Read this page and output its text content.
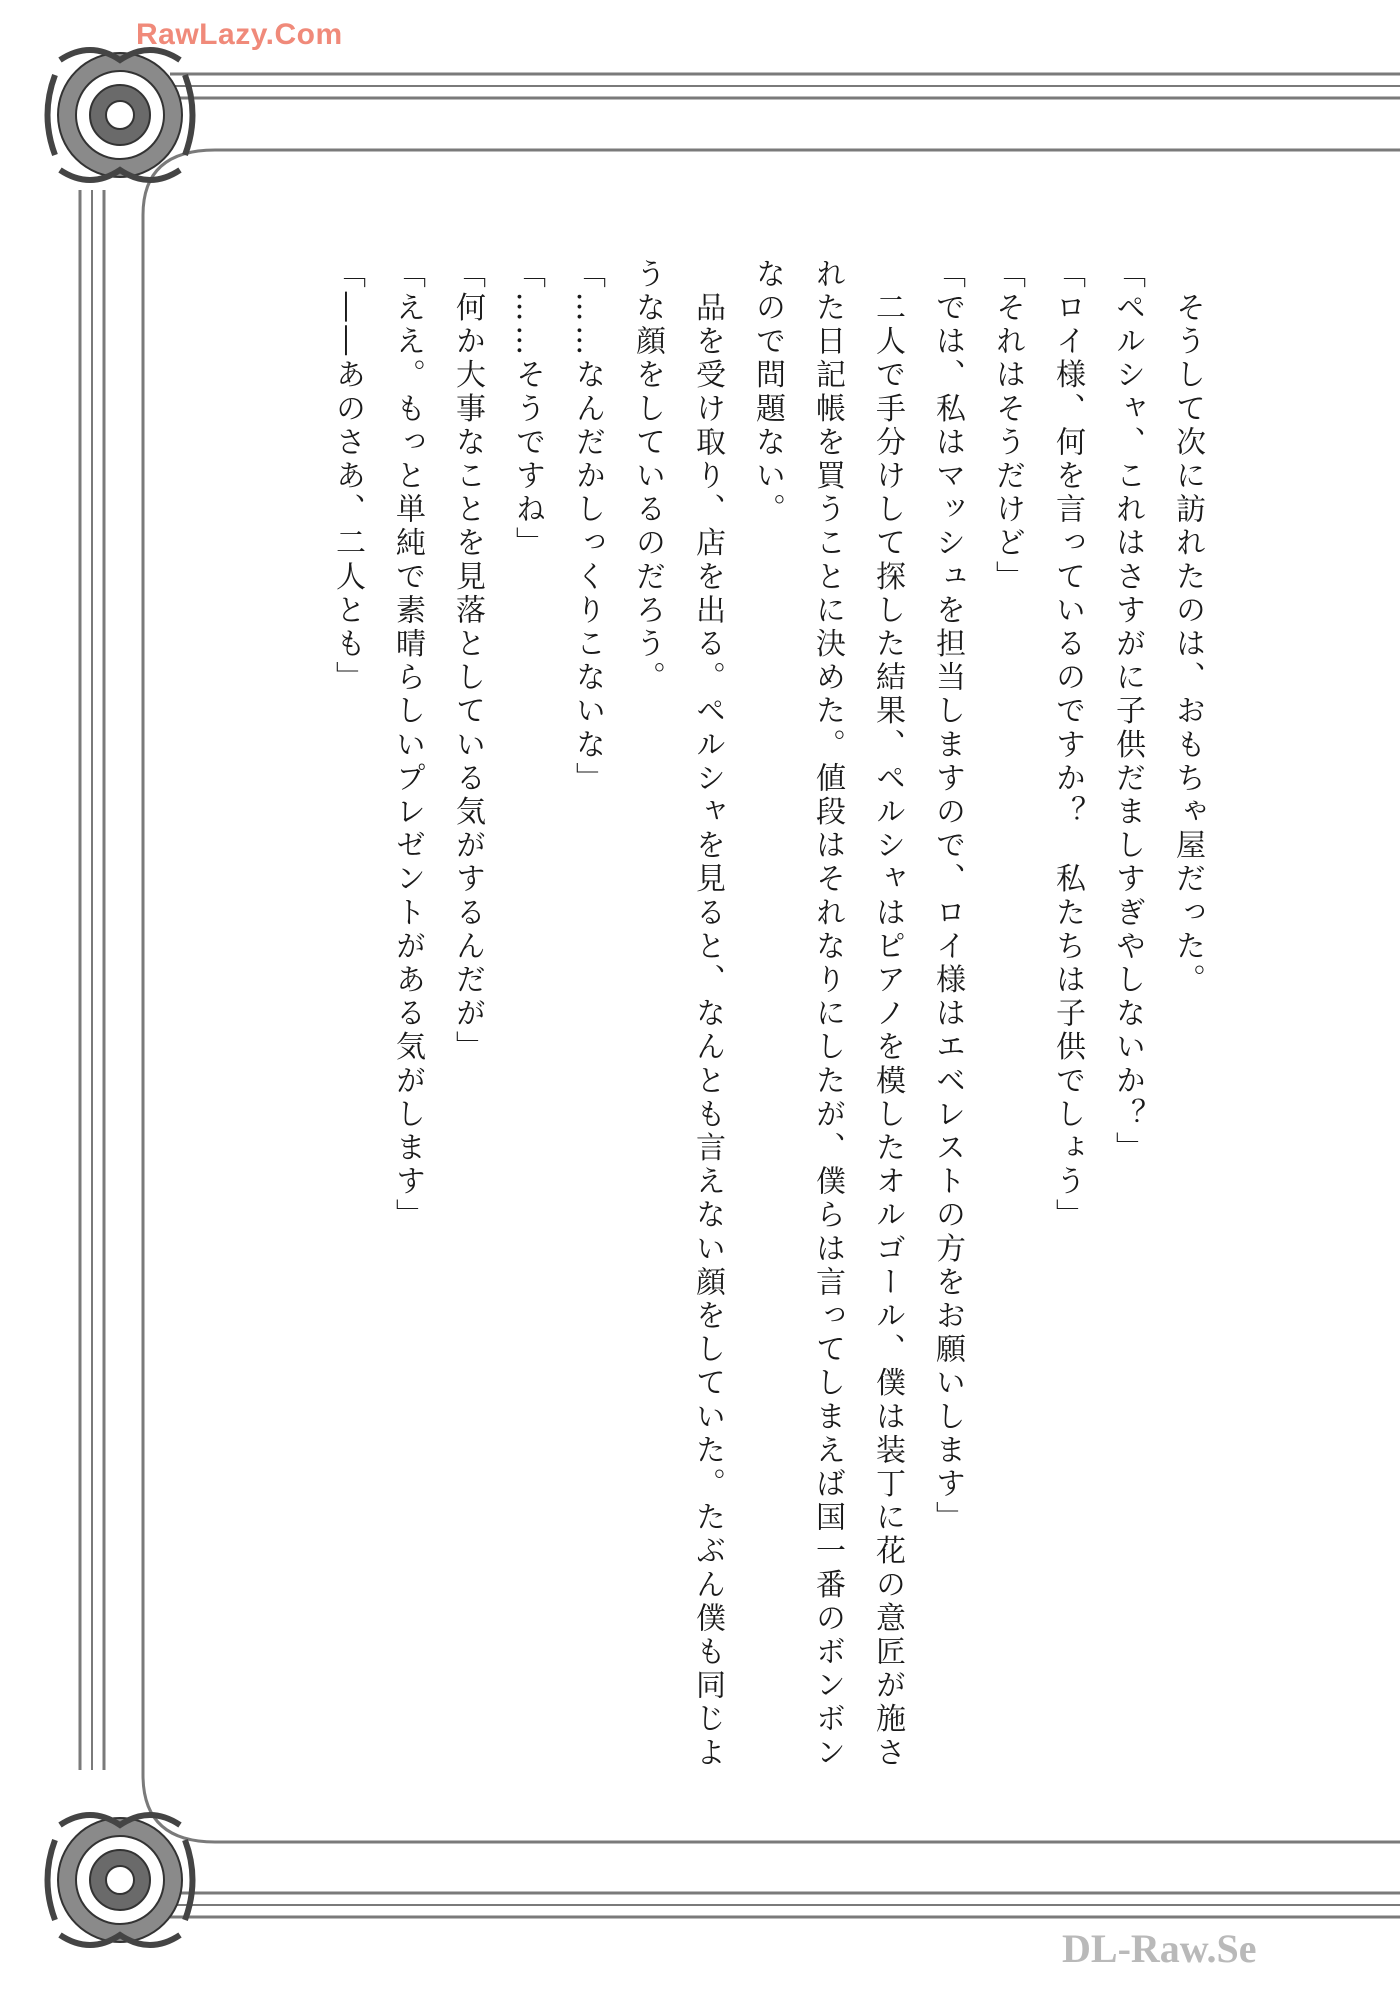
RawLazy.Com
DL-Raw.Se

　そうして次に訪れたのは、おもちゃ屋だった。

「ペルシャ、これはさすがに子供だましすぎやしないか？」

「ロイ様、何を言っているのですか？　私たちは子供でしょう」

「それはそうだけど」

「では、私はマッシュを担当しますので、ロイ様はエベレストの方をお願いします」

　二人で手分けして探した結果、ペルシャはピアノを模したオルゴール、僕は装丁に花の意匠が施された日記帳を買うことに決めた。値段はそれなりにしたが、僕らは言ってしまえば国一番のボンボンなので問題ない。

　品を受け取り、店を出る。ペルシャを見ると、なんとも言えない顔をしていた。たぶん僕も同じような顔をしているのだろう。

「……なんだかしっくりこないな」

「……そうですね」

「何か大事なことを見落としている気がするんだが」

「ええ。もっと単純で素晴らしいプレゼントがある気がします」

「――あのさあ、二人とも」
